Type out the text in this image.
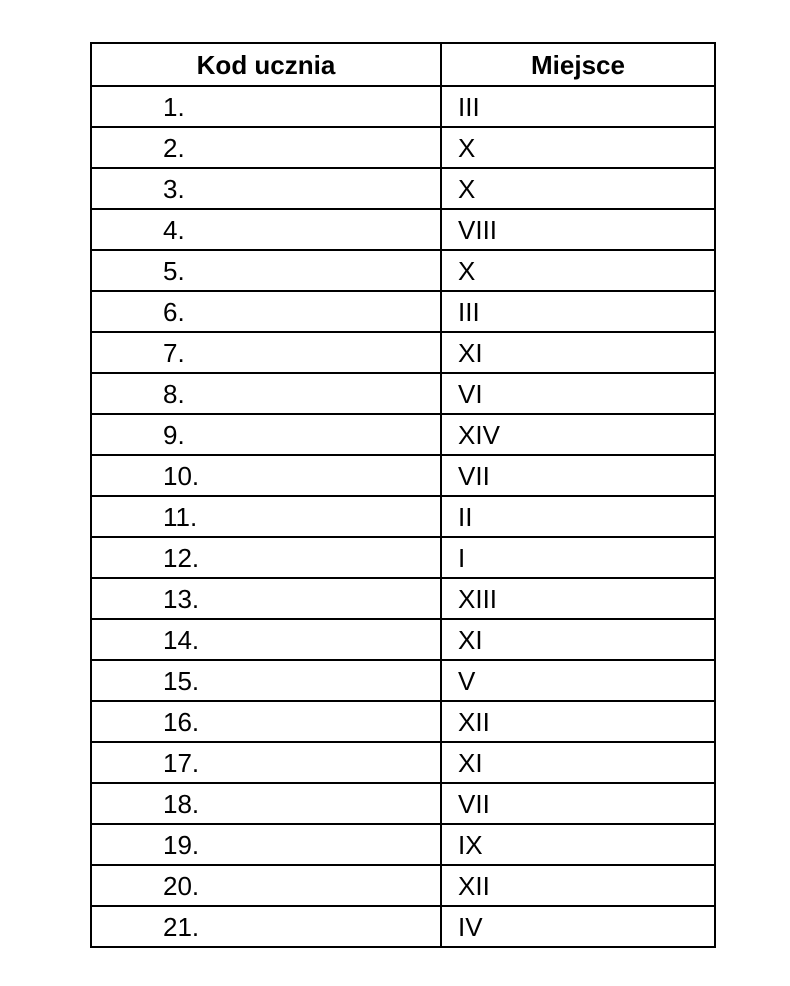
Kod ucznia	Miejsce
1.	III
2.	X
3.	X
4.	VIII
5.	X
6.	III
7.	XI
8.	VI
9.	XIV
10.	VII
11.	II
12.	I
13.	XIII
14.	XI
15.	V
16.	XII
17.	XI
18.	VII
19.	IX
20.	XII
21.	IV
